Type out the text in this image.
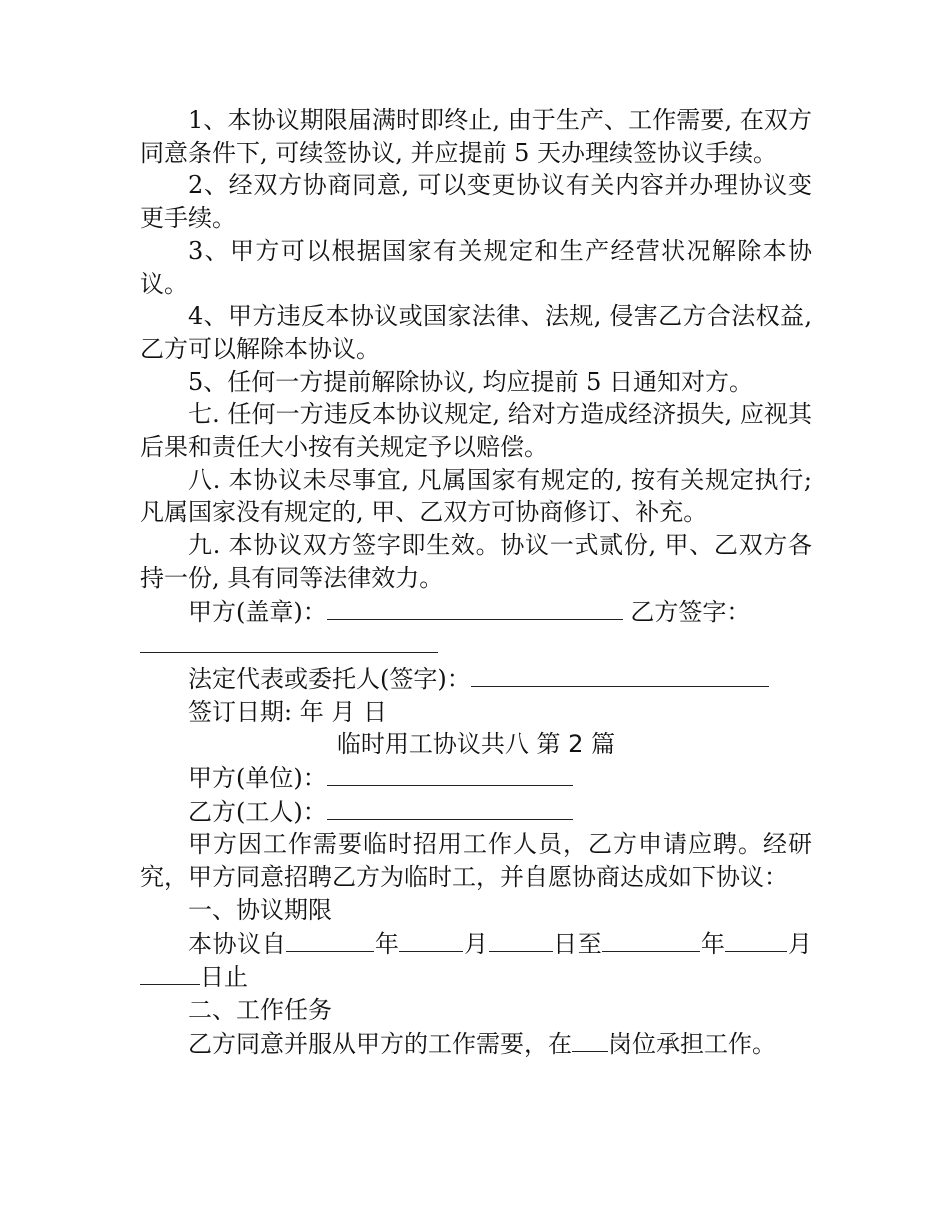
1、本协议期限届满时即终止, 由于生产、工作需要, 在双方同意条件下, 可续签协议, 并应提前 5 天办理续签协议手续。

2、经双方协商同意, 可以变更协议有关内容并办理协议变更手续。

3、甲方可以根据国家有关规定和生产经营状况解除本协议。

4、甲方违反本协议或国家法律、法规, 侵害乙方合法权益, 乙方可以解除本协议。

5、任何一方提前解除协议, 均应提前 5 日通知对方。

七. 任何一方违反本协议规定, 给对方造成经济损失, 应视其后果和责任大小按有关规定予以赔偿。

八. 本协议未尽事宜, 凡属国家有规定的, 按有关规定执行; 凡属国家没有规定的, 甲、乙双方可协商修订、补充。

九. 本协议双方签字即生效。协议一式贰份, 甲、乙双方各持一份, 具有同等法律效力。

甲方(盖章)：	乙方签字：

法定代表或委托人(签字)：

签订日期: 年 月 日

临时用工协议共八 第 2 篇

甲方(单位)：

乙方(工人)：

甲方因工作需要临时招用工作人员，乙方申请应聘。经研究，甲方同意招聘乙方为临时工，并自愿协商达成如下协议：

一、协议期限

本协议自	年	月	日至	年	月日止

二、工作任务

乙方同意并服从甲方的工作需要，在 岗位承担工作。
